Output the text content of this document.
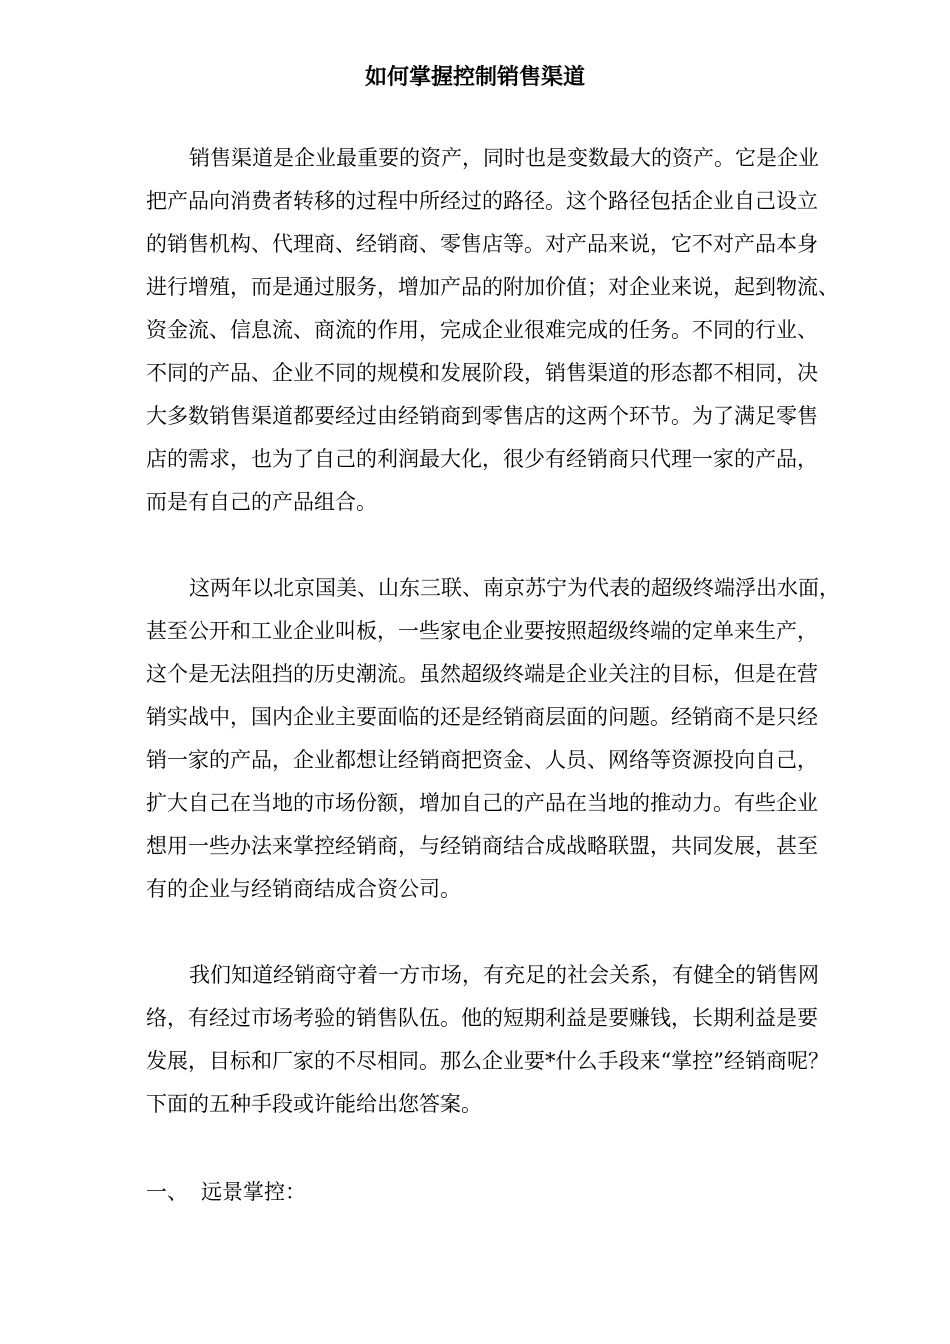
如何掌握控制销售渠道

销售渠道是企业最重要的资产，同时也是变数最大的资产。它是企业

把产品向消费者转移的过程中所经过的路径。这个路径包括企业自己设立

的销售机构、代理商、经销商、零售店等。对产品来说，它不对产品本身

进行增殖，而是通过服务，增加产品的附加价值；对企业来说，起到物流、

资金流、信息流、商流的作用，完成企业很难完成的任务。不同的行业、

不同的产品、企业不同的规模和发展阶段，销售渠道的形态都不相同，决

大多数销售渠道都要经过由经销商到零售店的这两个环节。为了满足零售

店的需求，也为了自己的利润最大化，很少有经销商只代理一家的产品，

而是有自己的产品组合。

这两年以北京国美、山东三联、南京苏宁为代表的超级终端浮出水面，

甚至公开和工业企业叫板，一些家电企业要按照超级终端的定单来生产，

这个是无法阻挡的历史潮流。虽然超级终端是企业关注的目标，但是在营

销实战中，国内企业主要面临的还是经销商层面的问题。经销商不是只经

销一家的产品，企业都想让经销商把资金、人员、网络等资源投向自己，

扩大自己在当地的市场份额，增加自己的产品在当地的推动力。有些企业

想用一些办法来掌控经销商，与经销商结合成战略联盟，共同发展，甚至

有的企业与经销商结成合资公司。

我们知道经销商守着一方市场，有充足的社会关系，有健全的销售网

络，有经过市场考验的销售队伍。他的短期利益是要赚钱，长期利益是要

发展，目标和厂家的不尽相同。那么企业要*什么手段来“掌控”经销商呢？

下面的五种手段或许能给出您答案。

一、 远景掌控：
